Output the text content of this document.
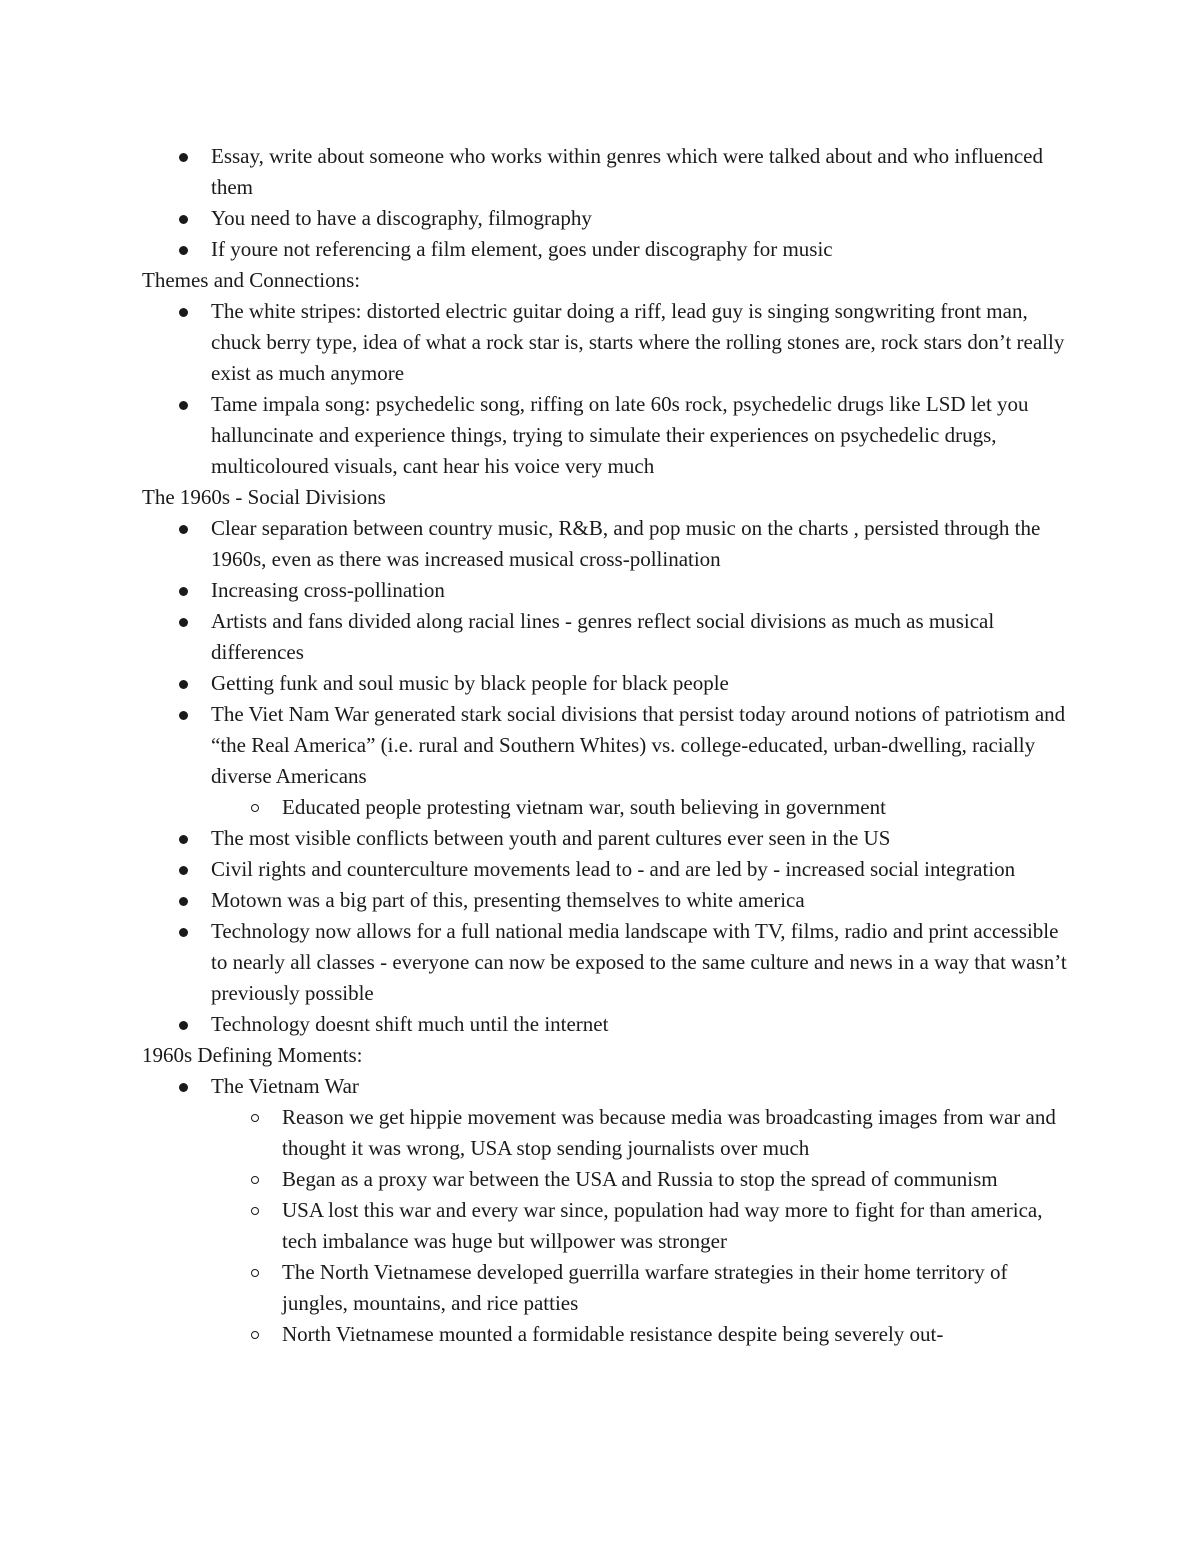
Essay, write about someone who works within genres which were talked about and who influenced them
You need to have a discography, filmography
If youre not referencing a film element, goes under discography for music
Themes and Connections:
The white stripes: distorted electric guitar doing a riff, lead guy is singing songwriting front man, chuck berry type, idea of what a rock star is, starts where the rolling stones are, rock stars don’t really exist as much anymore
Tame impala song: psychedelic song, riffing on late 60s rock, psychedelic drugs like LSD let you halluncinate and experience things, trying to simulate their experiences on psychedelic drugs, multicoloured visuals, cant hear his voice very much
The 1960s - Social Divisions
Clear separation between country music, R&B, and pop music on the charts , persisted through the 1960s, even as there was increased musical cross-pollination
Increasing cross-pollination
Artists and fans divided along racial lines - genres reflect social divisions as much as musical differences
Getting funk and soul music by black people for black people
The Viet Nam War generated stark social divisions that persist today around notions of patriotism and “the Real America” (i.e. rural and Southern Whites) vs. college-educated, urban-dwelling, racially diverse Americans
Educated people protesting vietnam war, south believing in government
The most visible conflicts between youth and parent cultures ever seen in the US
Civil rights and counterculture movements lead to - and are led by - increased social integration
Motown was a big part of this, presenting themselves to white america
Technology now allows for a full national media landscape with TV, films, radio and print accessible to nearly all classes - everyone can now be exposed to the same culture and news in a way that wasn’t previously possible
Technology doesnt shift much until the internet
1960s Defining Moments:
The Vietnam War
Reason we get hippie movement was because media was broadcasting images from war and thought it was wrong, USA stop sending journalists over much
Began as a proxy war between the USA and Russia to stop the spread of communism
USA lost this war and every war since, population had way more to fight for than america, tech imbalance was huge but willpower was stronger
The North Vietnamese developed guerrilla warfare strategies in their home territory of jungles, mountains, and rice patties
North Vietnamese mounted a formidable resistance despite being severely out-
